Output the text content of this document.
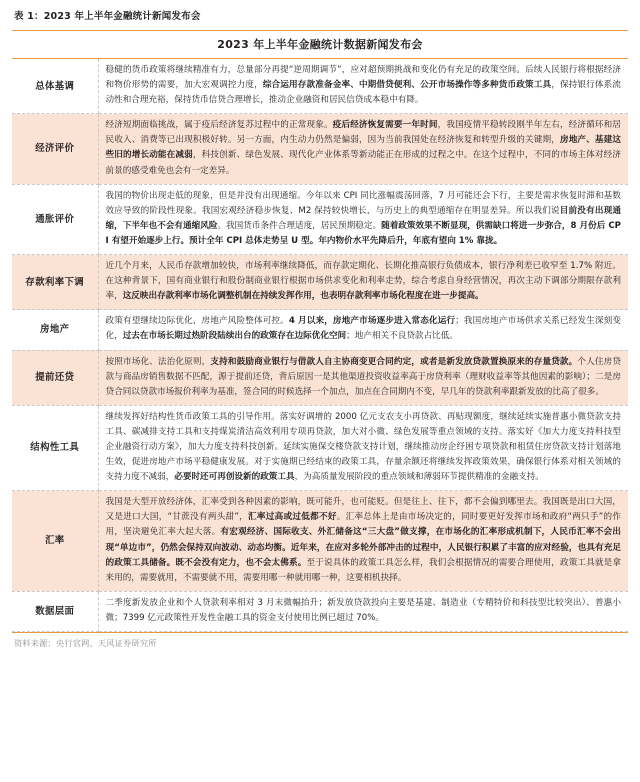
表 1：2023 年上半年金融统计新闻发布会
2023 年上半年金融统计数据新闻发布会	
总体基调	稳健的货币政策将继续精准有力，总量部分再提“逆周期调节”，应对超预期挑战和变化仍有充足的政策空间。后续人民银行将根据经济和物价形势的需要，加大宏观调控力度，综合运用存款准备金率、中期借贷便利、公开市场操作等多种货币政策工具，保持银行体系流动性和合理充裕，保持货币信贷合理增长，推动企业融资和居民信贷成本稳中有降。
经济评价	经济短期面临挑战，属于疫后经济复苏过程中的正常现象。疫后经济恢复需要一年时间，我国疫情平稳转段刚半年左右，经济循环和居民收入、消费等已出现积极好转。另一方面，内生动力仍然是偏弱，因为当前我国处在经济恢复和转型升级的关键期，房地产、基建这些旧的增长动能在减弱，科技创新、绿色发展、现代化产业体系等新动能正在形成的过程之中。在这个过程中，不同的市场主体对经济前景的感受难免也会有一定差异。
通胀评价	我国的物价出现走低的现象，但是并没有出现通缩。今年以来 CPI 同比涨幅震荡回落，7 月可能还会下行，主要是需求恢复时滞和基数效应导致的阶段性现象。我国宏观经济稳步恢复、M2 保持较快增长，与历史上的典型通缩存在明显差异。所以我们说目前没有出现通缩，下半年也不会有通缩风险。我国货币条件合理适度，居民预期稳定。随着政策效果不断显现，供需缺口将进一步弥合，8 月份后 CPI 有望开始逐步上行。预计全年 CPI 总体走势呈 U 型。年内物价水平先降后升，年底有望向 1% 靠拢。
存款利率下调	近几个月来，人民币存款增加较快，市场利率继续降低，而存款定期化、长期化推高银行负债成本，银行净利差已收窄至 1.7% 附近。在这种背景下，国有商业银行和股份制商业银行根据市场供求变化和利率走势，综合考虑自身经营情况，再次主动下调部分期限存款利率，这反映出存款利率市场化调整机制在持续发挥作用，也表明存款利率市场化程度在进一步提高。
房地产	政策有望继续边际优化，房地产风险整体可控。4 月以来，房地产市场逐步进入常态化运行；我国房地产市场供求关系已经发生深刻变化，过去在市场长期过热阶段陆续出台的政策存在边际优化空间；地产相关不良贷款占比低。
提前还贷	按照市场化、法治化原则，支持和鼓励商业银行与借款人自主协商变更合同约定，或者是新发放贷款置换原来的存量贷款。个人住房贷款与商品房销售数据不匹配，源于提前还贷，背后原因一是其他渠道投资收益率高于房贷利率（理财收益率等其他因素的影响）；二是房贷合同以贷款市场报价利率为基准，签合同的时候选择一个加点，加点在合同期内不变，早几年的贷款利率跟新发放的比高了很多。
结构性工具	继续发挥好结构性货币政策工具的引导作用。落实好调增的 2000 亿元支农支小再贷款、再贴现额度，继续延续实施普惠小微贷款支持工具、碳减排支持工具和支持煤炭清洁高效利用专项再贷款，加大对小微、绿色发展等重点领域的支持。落实好《加大力度支持科技型企业融资行动方案》，加大力度支持科技创新。延续实施保交楼贷款支持计划，继续推动房企纾困专项贷款和租赁住房贷款支持计划落地生效，促进房地产市场平稳健康发展。对于实施期已经结束的政策工具，存量余额还将继续发挥政策效果，确保银行体系对相关领域的支持力度不减弱，必要时还可再创设新的政策工具，为高质量发展阶段的重点领域和薄弱环节提供精准的金融支持。
汇率	我国是大型开放经济体，汇率受到各种因素的影响，既可能升，也可能贬。但是往上、往下，都不会偏到哪里去。我国既是出口大国，又是进口大国，“甘蔗没有两头甜”，汇率过高或过低都不好。汇率总体上是由市场决定的，同时要更好发挥市场和政府“两只手”的作用，坚决避免汇率大起大落。有宏观经济、国际收支、外汇储备这“三大盘”做支撑，在市场化的汇率形成机制下，人民币汇率不会出现“单边市”，仍然会保持双向波动、动态均衡。近年来，在应对多轮外部冲击的过程中，人民银行积累了丰富的应对经验，也具有充足的政策工具储备。既不会没有定力，也不会太佛系。至于说具体的政策工具怎么样，我们会根据情况的需要合理使用，政策工具就是拿来用的，需要就用，不需要就不用，需要用哪一种就用哪一种，这要相机抉择。
数据层面	二季度新发放企业和个人贷款利率相对 3 月末微幅抬升；新发放贷款投向主要是基建、制造业（专精特价和科技型比较突出）、普惠小微；7399 亿元政策性开发性金融工具的资金支付使用比例已超过 70%。
资料来源：央行官网、天风证券研究所
